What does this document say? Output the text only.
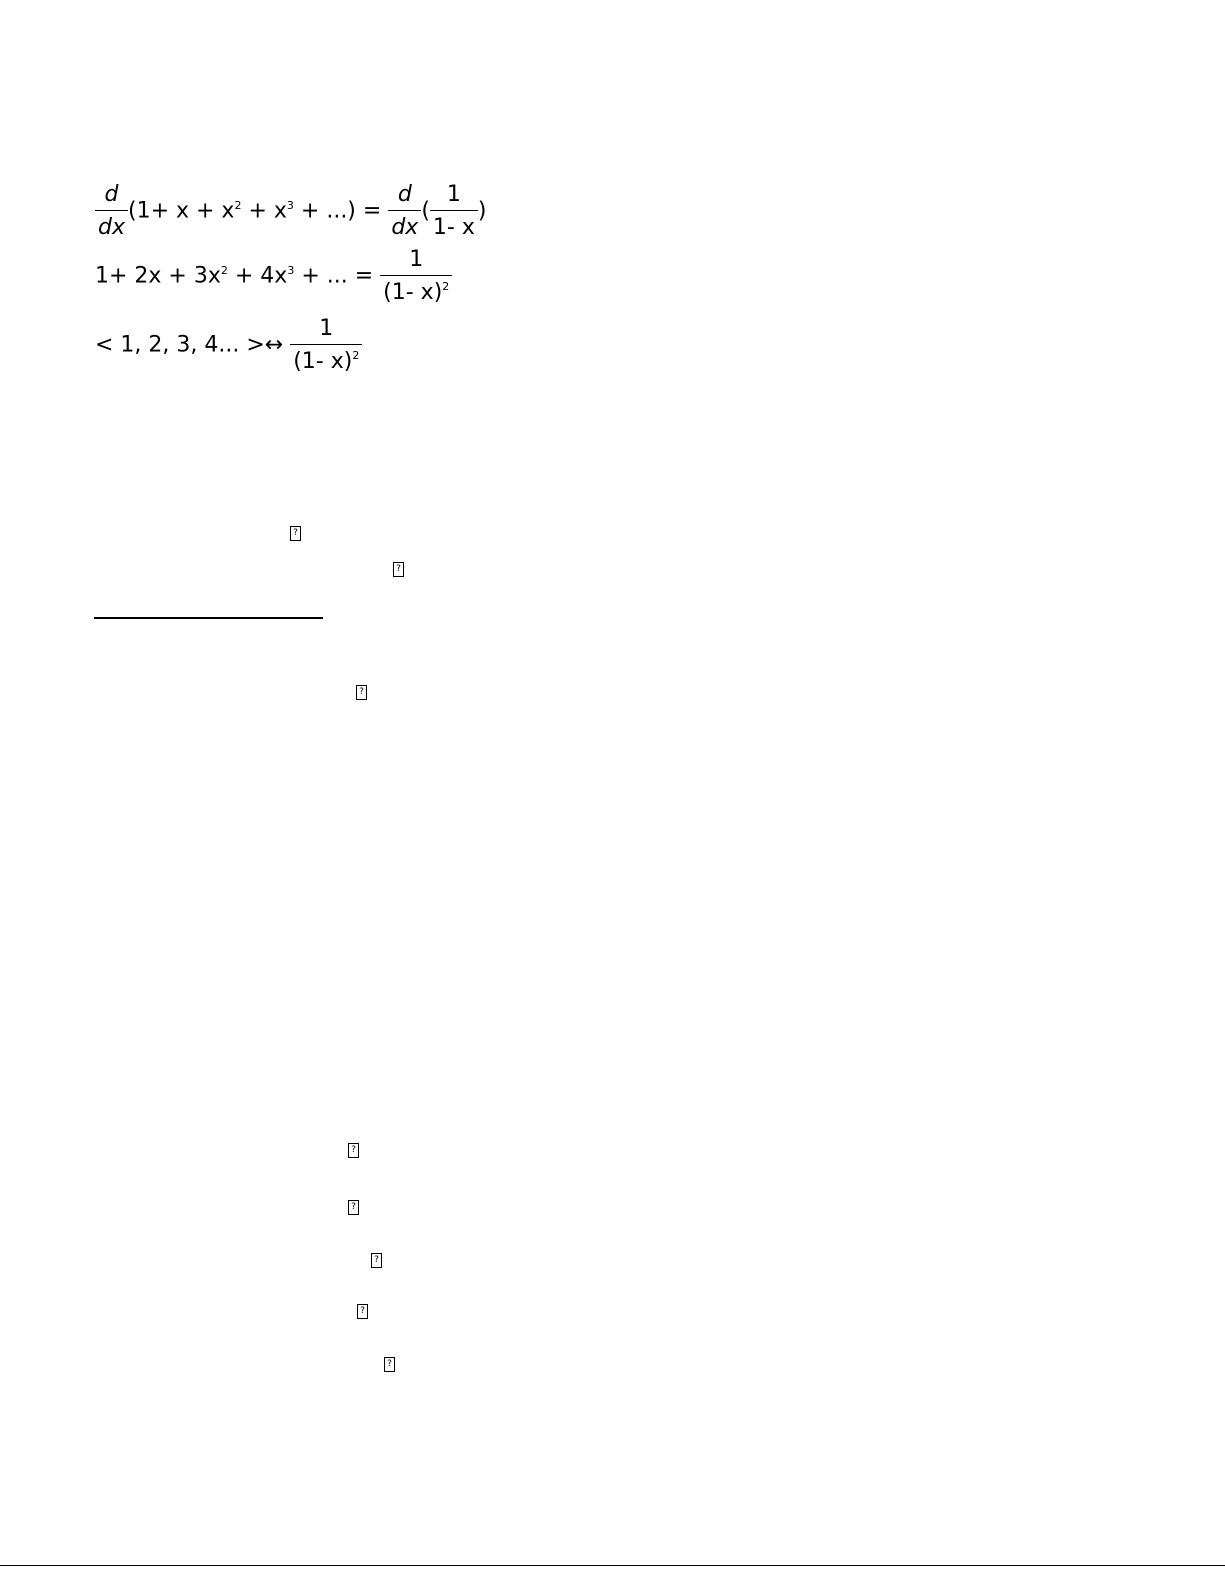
$\frac{d}{dx} (1+ x + x^2 + x^3$ + ...) = $\frac{d}{dx}$ ( $\frac{1}{1- x}$ )
$1+ 2x + 3x^2 + 4x^3$ + ... = $\frac{1}{(1- x)^2}$
< 1, 2, 3, 4... >↔ $\frac{1}{(1- x)^2}$
?
?
?
?
?
?
?
?
